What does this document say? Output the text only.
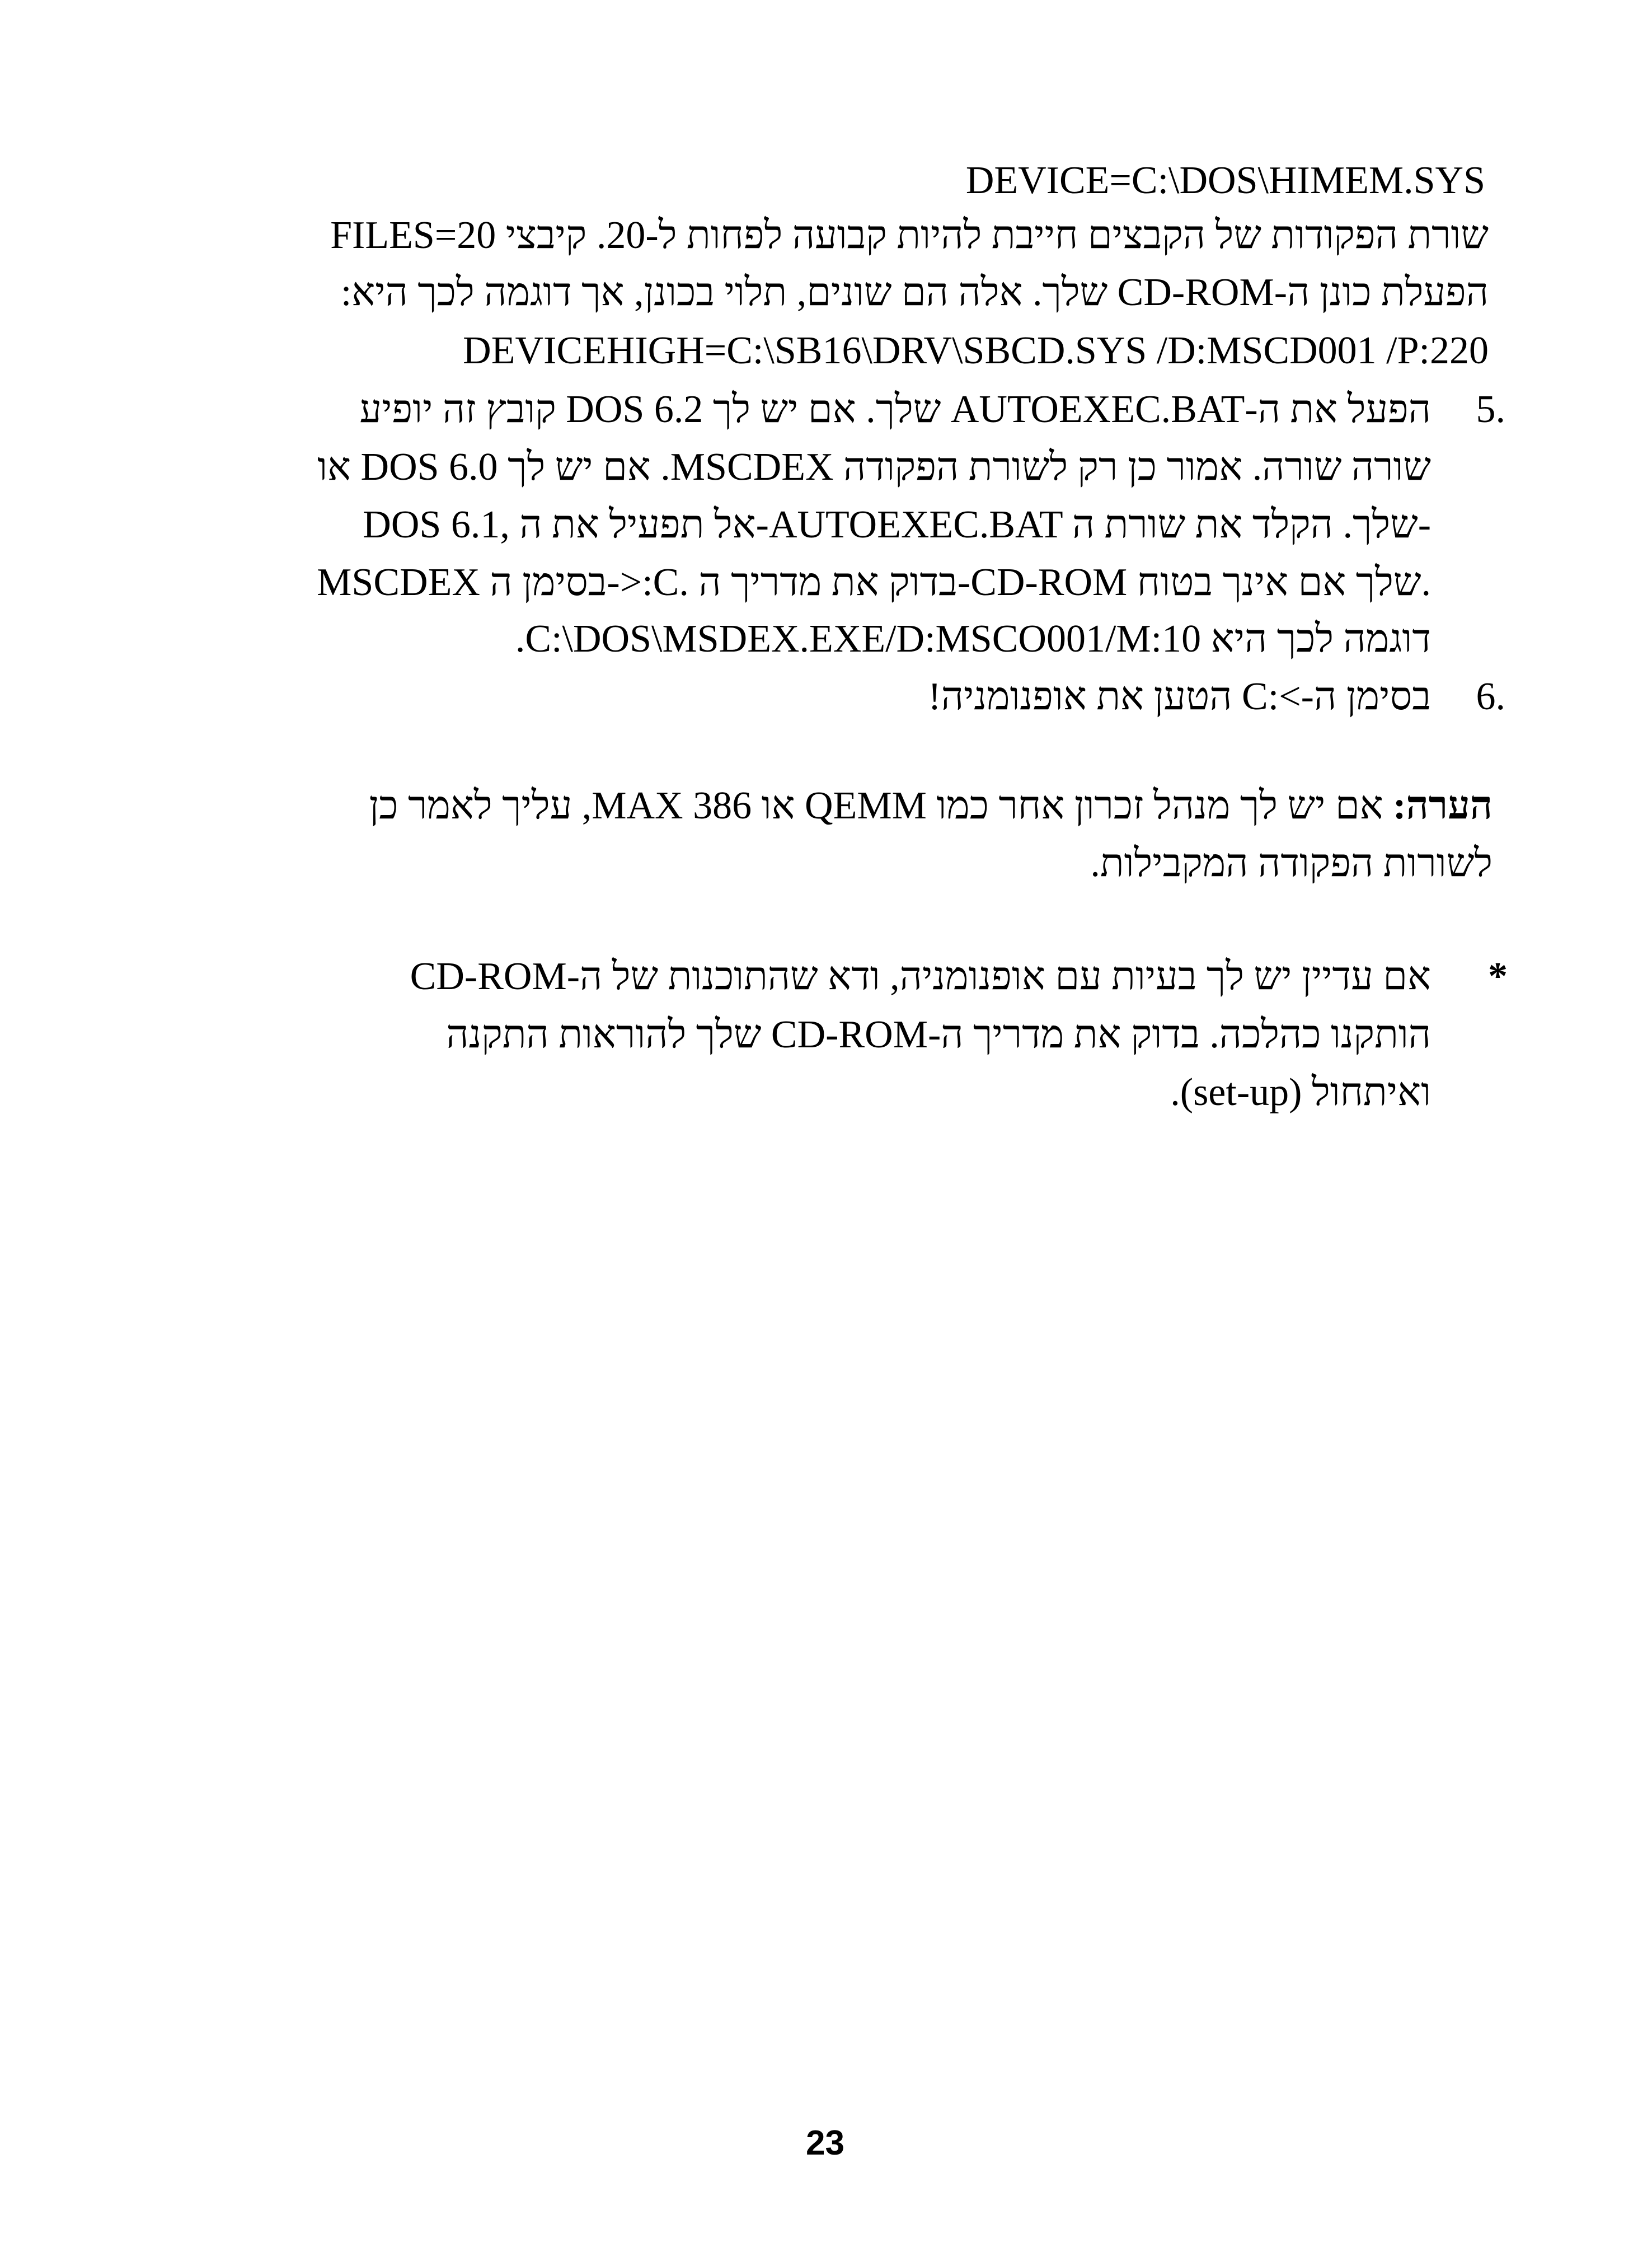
DEVICE=C:\DOS\HIMEM.SYS
FILES=20 שורת הפקודות של הקבצים חייבת להיות קבועה לפחות ל-20. קיבצי
הפעלת כונן ה-CD-ROM שלך. אלה הם שונים, תלוי בכונן, אך דוגמה לכך היא:
DEVICEHIGH=C:\SB16\DRV\SBCD.SYS /D:MSCD001 /P:220
5.
הפעל את ה-AUTOEXEC.BAT שלך. אם יש לך DOS 6.2 קובץ זה יופיע
שורה שורה. אמור כן רק לשורת הפקודה MSCDEX. אם יש לך DOS 6.0 או
DOS 6.1, אל תפעיל את ה-AUTOEXEC.BAT שלך. הקלד את שורת ה-
MSCDEX בסימן ה->:C. בדוק את מדריך ה-CD-ROM שלך אם אינך בטוח.
דוגמה לכך היא C:\DOS\MSDEX.EXE/D:MSCO001/M:10.
6.
בסימן ה->:C הטען את אופנומניה!
הערה: אם יש לך מנהל זכרון אחר כמו QEMM או 386 MAX, עליך לאמר כן
לשורות הפקודה המקבילות.
*
אם עדיין יש לך בעיות עם אופנומניה, ודא שהתוכנות של ה-CD-ROM
הותקנו כהלכה. בדוק את מדריך ה-CD-ROM שלך להוראות התקנה
ואיתחול (set-up).
23
